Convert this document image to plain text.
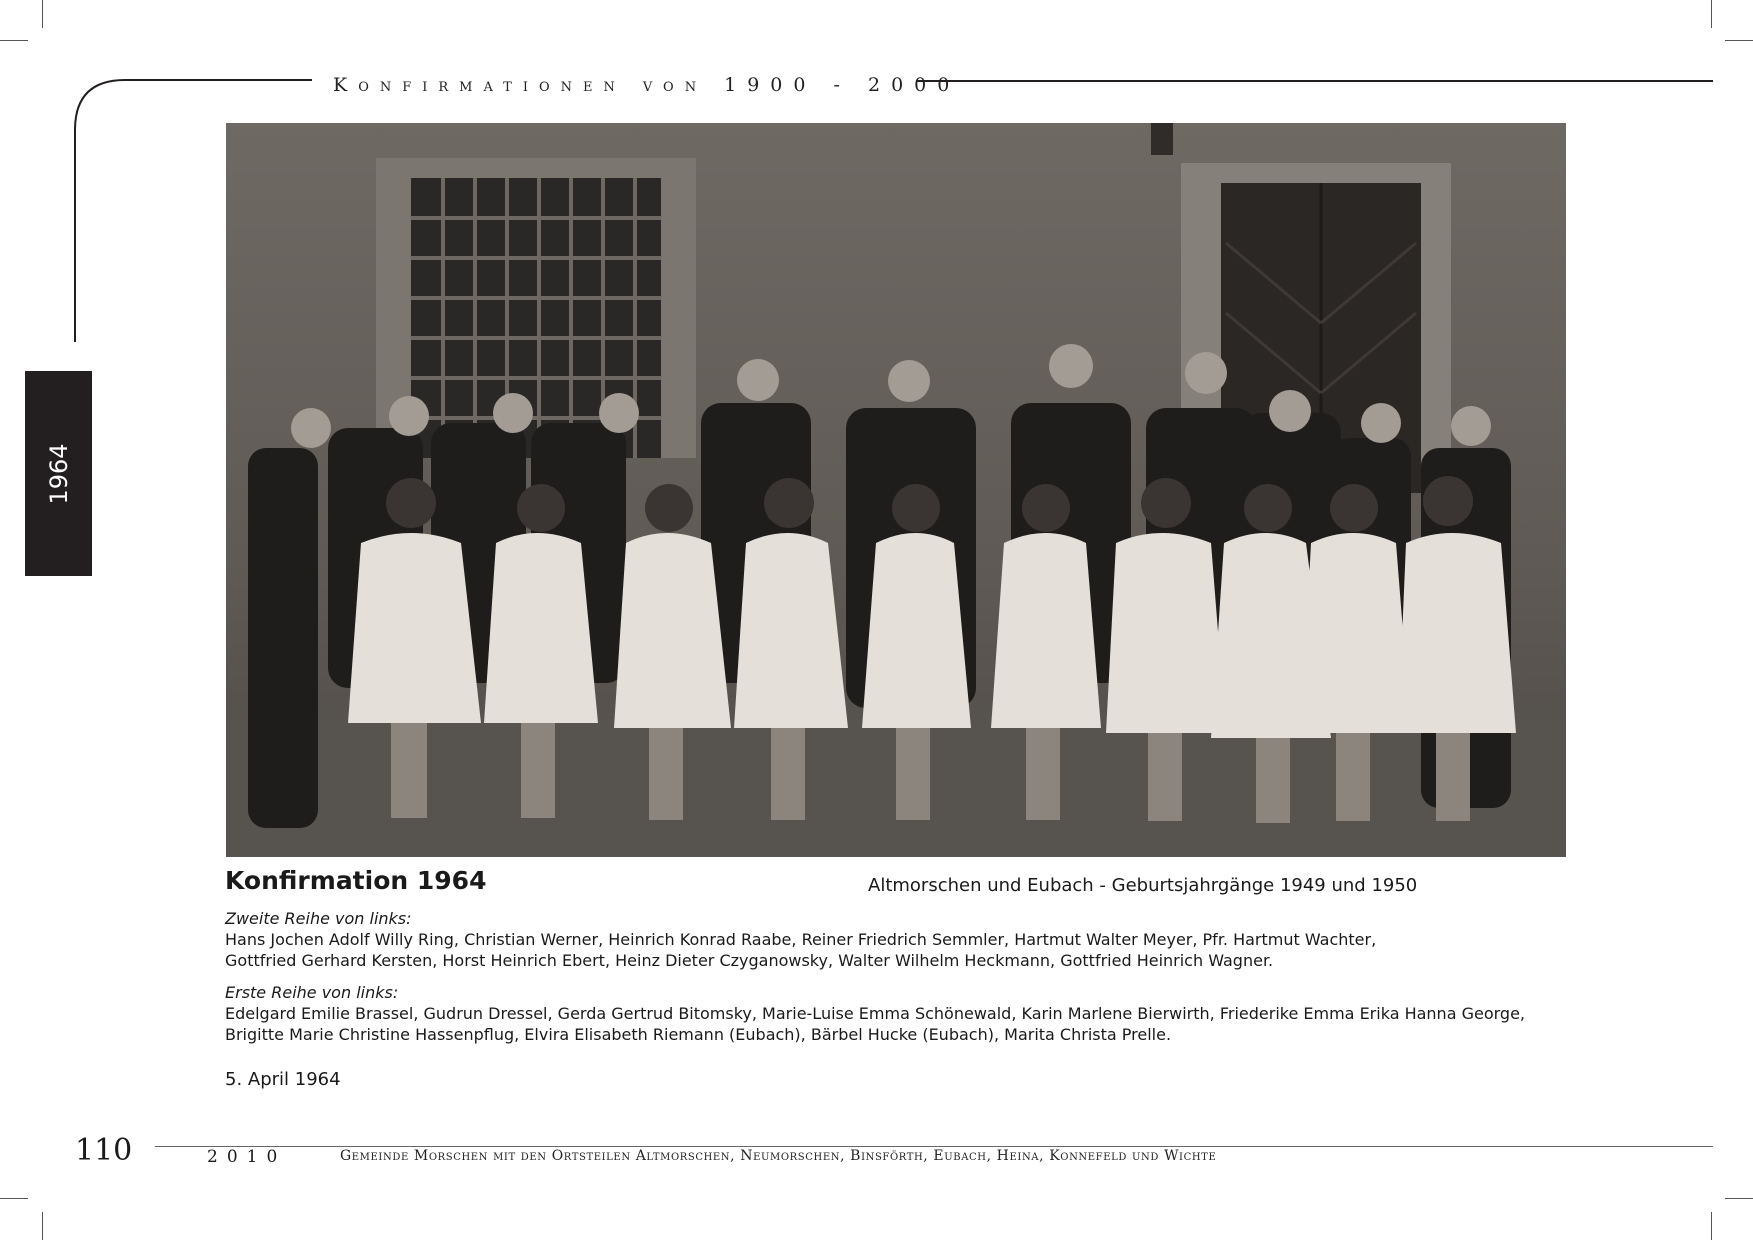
Konfirmationen von 1900 - 2000
1964
Konfirmation 1964	Altmorschen und Eubach - Geburtsjahrgänge 1949 und 1950
Zweite Reihe von links:
Hans Jochen Adolf Willy Ring, Christian Werner, Heinrich Konrad Raabe, Reiner Friedrich Semmler, Hartmut Walter Meyer, Pfr. Hartmut Wachter,
Gottfried Gerhard Kersten, Horst Heinrich Ebert, Heinz Dieter Czyganowsky, Walter Wilhelm Heckmann, Gottfried Heinrich Wagner.
Erste Reihe von links:
Edelgard Emilie Brassel, Gudrun Dressel, Gerda Gertrud Bitomsky, Marie-Luise Emma Schönewald, Karin Marlene Bierwirth, Friederike Emma Erika Hanna George,
Brigitte Marie Christine Hassenpflug, Elvira Elisabeth Riemann (Eubach), Bärbel Hucke (Eubach), Marita Christa Prelle.
5. April 1964
110	2010	Gemeinde Morschen mit den Ortsteilen Altmorschen, Neumorschen, Binsförth, Eubach, Heina, Konnefeld und Wichte
